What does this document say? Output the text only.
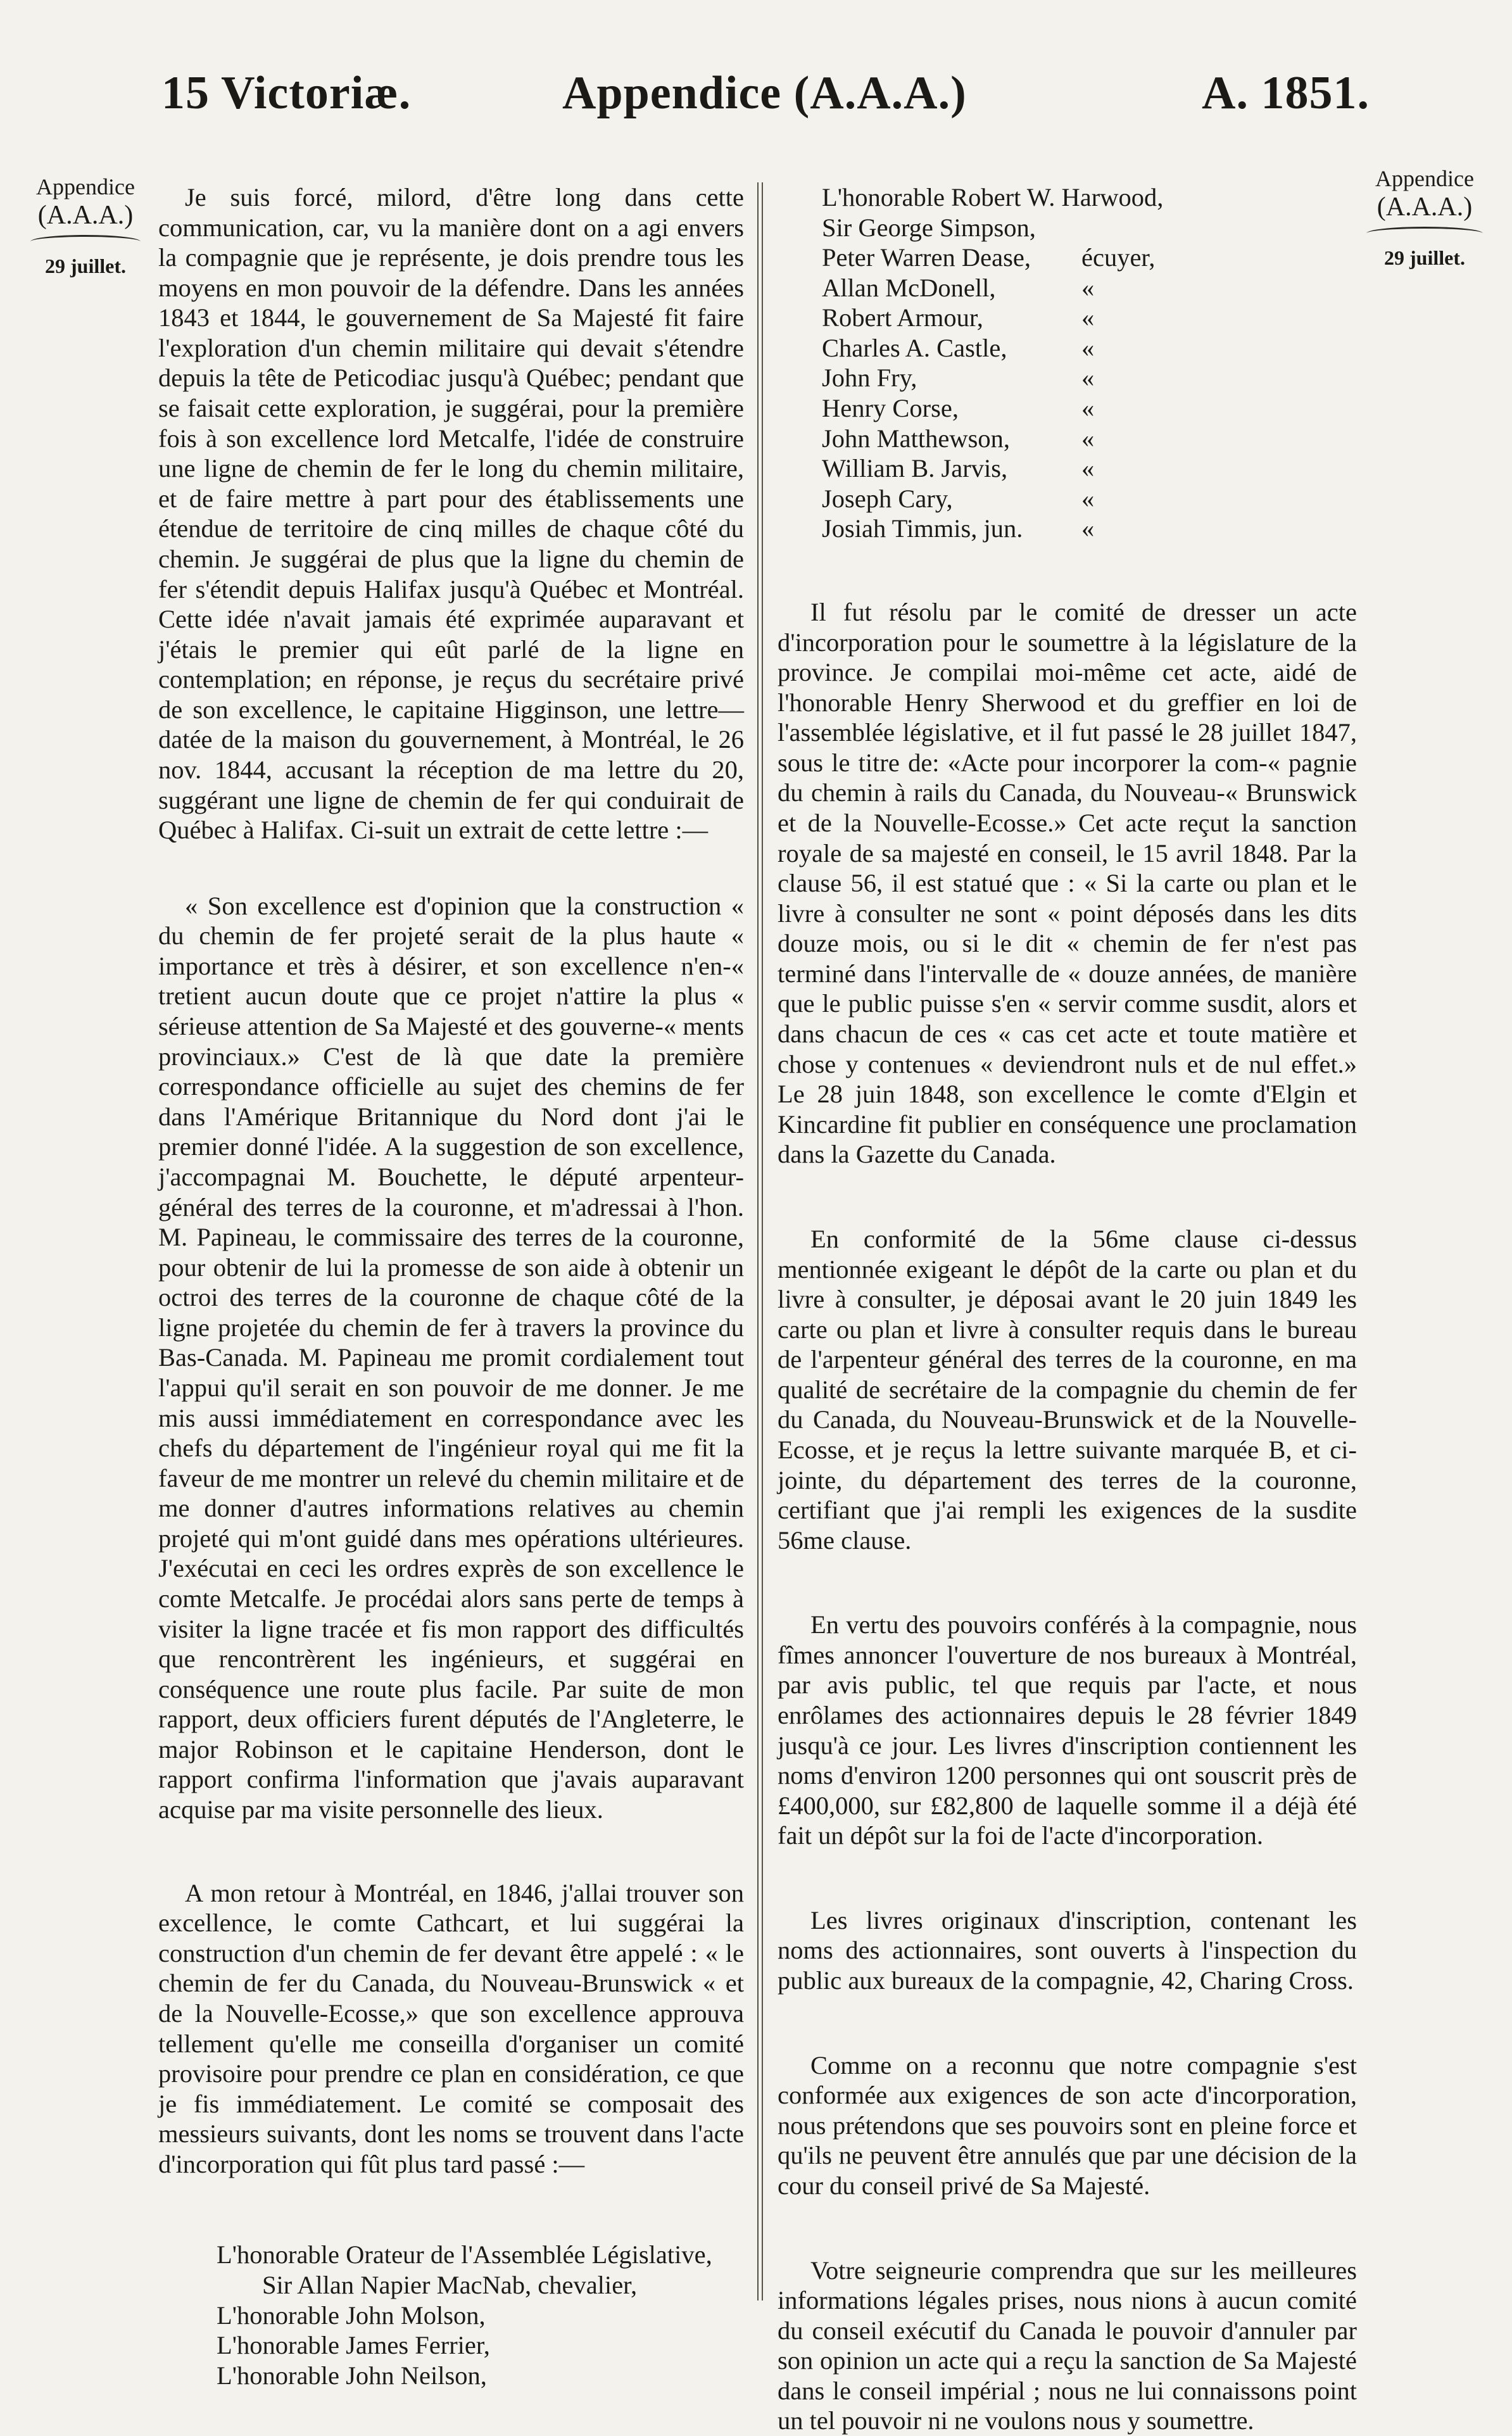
15 Victoriæ.	Appendice (A.A.A.)	A. 1851.
Appendice
(A.A.A.)
29 juillet.
Appendice
(A.A.A.)
29 juillet.

Je suis forcé, milord, d'être long dans cette communication, car, vu la manière dont on a agi envers la compagnie que je représente, je dois prendre tous les moyens en mon pouvoir de la défendre. Dans les années 1843 et 1844, le gouvernement de Sa Majesté fit faire l'exploration d'un chemin militaire qui devait s'étendre depuis la tête de Peticodiac jusqu'à Québec; pendant que se faisait cette exploration, je suggérai, pour la première fois à son excellence lord Metcalfe, l'idée de construire une ligne de chemin de fer le long du chemin militaire, et de faire mettre à part pour des établissements une étendue de territoire de cinq milles de chaque côté du chemin. Je suggérai de plus que la ligne du chemin de fer s'étendit depuis Halifax jusqu'à Québec et Montréal. Cette idée n'avait jamais été exprimée auparavant et j'étais le premier qui eût parlé de la ligne en contemplation; en réponse, je reçus du secrétaire privé de son excellence, le capitaine Higginson, une lettre—datée de la maison du gouvernement, à Montréal, le 26 nov. 1844, accusant la réception de ma lettre du 20, suggérant une ligne de chemin de fer qui conduirait de Québec à Halifax. Ci-suit un extrait de cette lettre :—

« Son excellence est d'opinion que la construction « du chemin de fer projeté serait de la plus haute « importance et très à désirer, et son excellence n'en-« tretient aucun doute que ce projet n'attire la plus « sérieuse attention de Sa Majesté et des gouverne-« ments provinciaux.» C'est de là que date la première correspondance officielle au sujet des chemins de fer dans l'Amérique Britannique du Nord dont j'ai le premier donné l'idée. A la suggestion de son excellence, j'accompagnai M. Bouchette, le député arpenteur-général des terres de la couronne, et m'adressai à l'hon. M. Papineau, le commissaire des terres de la couronne, pour obtenir de lui la promesse de son aide à obtenir un octroi des terres de la couronne de chaque côté de la ligne projetée du chemin de fer à travers la province du Bas-Canada. M. Papineau me promit cordialement tout l'appui qu'il serait en son pouvoir de me donner. Je me mis aussi immédiatement en correspondance avec les chefs du département de l'ingénieur royal qui me fit la faveur de me montrer un relevé du chemin militaire et de me donner d'autres informations relatives au chemin projeté qui m'ont guidé dans mes opérations ultérieures. J'exécutai en ceci les ordres exprès de son excellence le comte Metcalfe. Je procédai alors sans perte de temps à visiter la ligne tracée et fis mon rapport des difficultés que rencontrèrent les ingénieurs, et suggérai en conséquence une route plus facile. Par suite de mon rapport, deux officiers furent députés de l'Angleterre, le major Robinson et le capitaine Henderson, dont le rapport confirma l'information que j'avais auparavant acquise par ma visite personnelle des lieux.

A mon retour à Montréal, en 1846, j'allai trouver son excellence, le comte Cathcart, et lui suggérai la construction d'un chemin de fer devant être appelé : « le chemin de fer du Canada, du Nouveau-Brunswick « et de la Nouvelle-Ecosse,» que son excellence approuva tellement qu'elle me conseilla d'organiser un comité provisoire pour prendre ce plan en considération, ce que je fis immédiatement. Le comité se composait des messieurs suivants, dont les noms se trouvent dans l'acte d'incorporation qui fût plus tard passé :—

L'honorable Orateur de l'Assemblée Législative,
Sir Allan Napier MacNab, chevalier,
L'honorable John Molson,
L'honorable James Ferrier,
L'honorable John Neilson,
L'honorable Robert W. Harwood,
Sir George Simpson,
Peter Warren Dease,	écuyer,
Allan McDonell,	«
Robert Armour,	«
Charles A. Castle,	«
John Fry,	«
Henry Corse,	«
John Matthewson,	«
William B. Jarvis,	«
Joseph Cary,	«
Josiah Timmis, jun.	«

Il fut résolu par le comité de dresser un acte d'incorporation pour le soumettre à la législature de la province. Je compilai moi-même cet acte, aidé de l'honorable Henry Sherwood et du greffier en loi de l'assemblée législative, et il fut passé le 28 juillet 1847, sous le titre de: «Acte pour incorporer la com-« pagnie du chemin à rails du Canada, du Nouveau-« Brunswick et de la Nouvelle-Ecosse.» Cet acte reçut la sanction royale de sa majesté en conseil, le 15 avril 1848. Par la clause 56, il est statué que : « Si la carte ou plan et le livre à consulter ne sont « point déposés dans les dits douze mois, ou si le dit « chemin de fer n'est pas terminé dans l'intervalle de « douze années, de manière que le public puisse s'en « servir comme susdit, alors et dans chacun de ces « cas cet acte et toute matière et chose y contenues « deviendront nuls et de nul effet.» Le 28 juin 1848, son excellence le comte d'Elgin et Kincardine fit publier en conséquence une proclamation dans la Gazette du Canada.

En conformité de la 56me clause ci-dessus mentionnée exigeant le dépôt de la carte ou plan et du livre à consulter, je déposai avant le 20 juin 1849 les carte ou plan et livre à consulter requis dans le bureau de l'arpenteur général des terres de la couronne, en ma qualité de secrétaire de la compagnie du chemin de fer du Canada, du Nouveau-Brunswick et de la Nouvelle-Ecosse, et je reçus la lettre suivante marquée B, et ci-jointe, du département des terres de la couronne, certifiant que j'ai rempli les exigences de la susdite 56me clause.

En vertu des pouvoirs conférés à la compagnie, nous fîmes annoncer l'ouverture de nos bureaux à Montréal, par avis public, tel que requis par l'acte, et nous enrôlames des actionnaires depuis le 28 février 1849 jusqu'à ce jour. Les livres d'inscription contiennent les noms d'environ 1200 personnes qui ont souscrit près de £400,000, sur £82,800 de laquelle somme il a déjà été fait un dépôt sur la foi de l'acte d'incorporation.

Les livres originaux d'inscription, contenant les noms des actionnaires, sont ouverts à l'inspection du public aux bureaux de la compagnie, 42, Charing Cross.

Comme on a reconnu que notre compagnie s'est conformée aux exigences de son acte d'incorporation, nous prétendons que ses pouvoirs sont en pleine force et qu'ils ne peuvent être annulés que par une décision de la cour du conseil privé de Sa Majesté.

Votre seigneurie comprendra que sur les meilleures informations légales prises, nous nions à aucun comité du conseil exécutif du Canada le pouvoir d'annuler par son opinion un acte qui a reçu la sanction de Sa Majesté dans le conseil impérial ; nous ne lui connaissons point un tel pouvoir ni ne voulons nous y soumettre.
